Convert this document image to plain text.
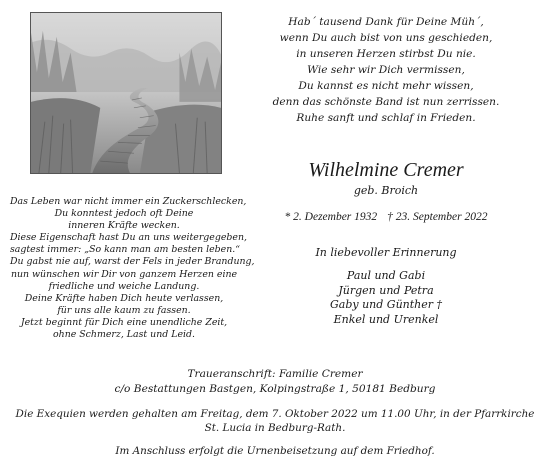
Hab´ tausend Dank für Deine Müh´,
wenn Du auch bist von uns geschieden,
in unseren Herzen stirbst Du nie.
Wie sehr wir Dich vermissen,
Du kannst es nicht mehr wissen,
denn das schönste Band ist nun zerrissen.
Ruhe sanft und schlaf in Frieden.
Wilhelmine Cremer
geb. Broich
* 2. Dezember 1932 † 23. September 2022
In liebevoller Erinnerung
Paul und Gabi
Jürgen und Petra
Gaby und Günther †
Enkel und Urenkel
Das Leben war nicht immer ein Zuckerschlecken,
Du konntest jedoch oft Deine
inneren Kräfte wecken.
Diese Eigenschaft hast Du an uns weitergegeben,
sagtest immer: „So kann man am besten leben.“
Du gabst nie auf, warst der Fels in jeder Brandung,
nun wünschen wir Dir von ganzem Herzen eine
friedliche und weiche Landung.
Deine Kräfte haben Dich heute verlassen,
für uns alle kaum zu fassen.
Jetzt beginnt für Dich eine unendliche Zeit,
ohne Schmerz, Last und Leid.
Traueranschrift: Familie Cremer
c/o Bestattungen Bastgen, Kolpingstraße 1, 50181 Bedburg
Die Exequien werden gehalten am Freitag, dem 7. Oktober 2022 um 11.00 Uhr, in der Pfarrkirche
St. Lucia in Bedburg-Rath.
Im Anschluss erfolgt die Urnenbeisetzung auf dem Friedhof.
